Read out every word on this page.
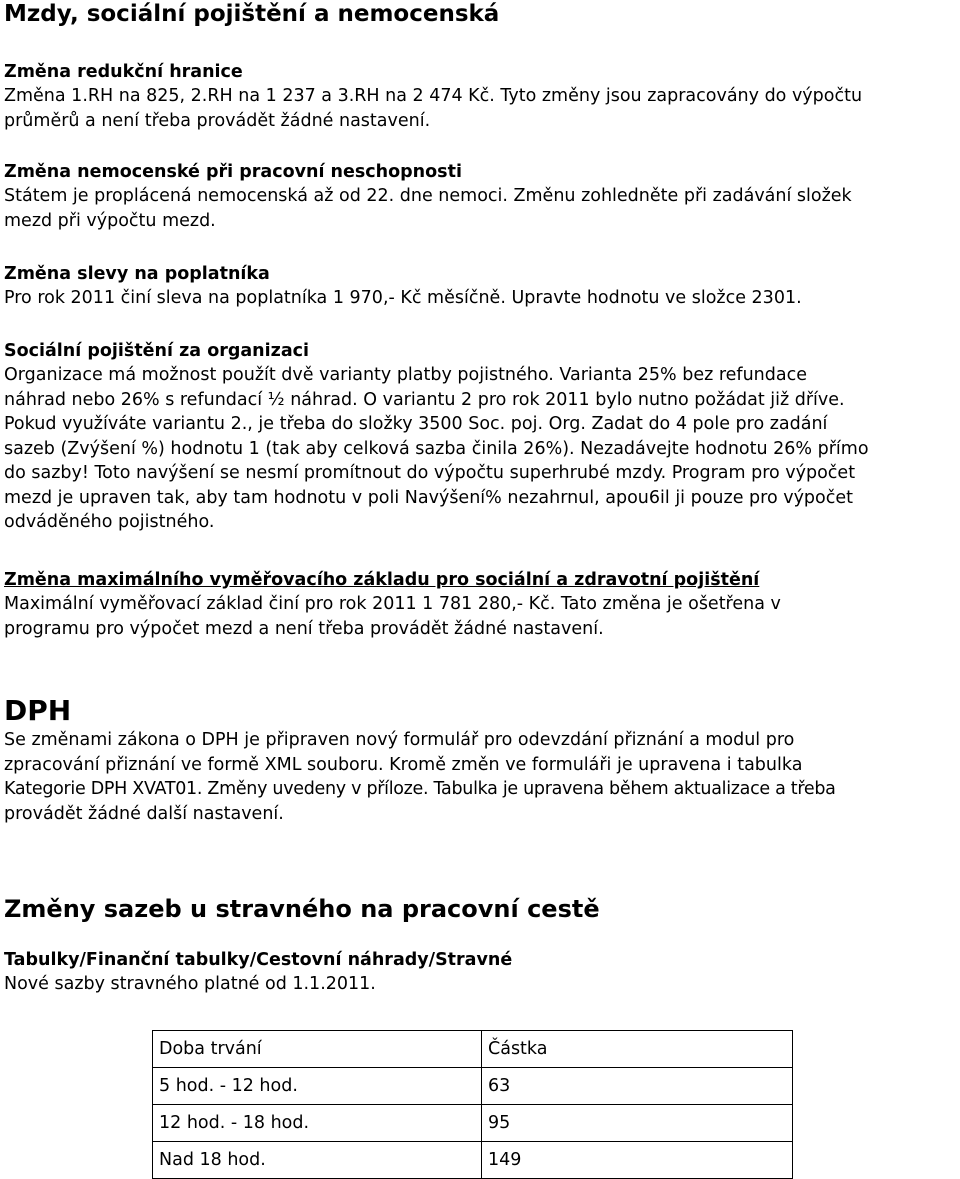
Mzdy, sociální pojištění a nemocenská
Změna redukční hranice
Změna 1.RH na 825, 2.RH na 1 237 a 3.RH na 2 474 Kč. Tyto změny jsou zapracovány do výpočtu
průměrů a není třeba provádět žádné nastavení.
Změna nemocenské při pracovní neschopnosti
Státem je proplácená nemocenská až od 22. dne nemoci. Změnu zohledněte při zadávání složek
mezd při výpočtu mezd.
Změna slevy na poplatníka
Pro rok 2011 činí sleva na poplatníka 1 970,- Kč měsíčně. Upravte hodnotu ve složce 2301.
Sociální pojištění za organizaci
Organizace má možnost použít dvě varianty platby pojistného. Varianta 25% bez refundace
náhrad nebo 26% s refundací ½ náhrad. O variantu 2 pro rok 2011 bylo nutno požádat již dříve.
Pokud využíváte variantu 2., je třeba do složky 3500 Soc. poj. Org. Zadat do 4 pole pro zadání
sazeb (Zvýšení %) hodnotu 1 (tak aby celková sazba činila 26%). Nezadávejte hodnotu 26% přímo
do sazby! Toto navýšení se nesmí promítnout do výpočtu superhrubé mzdy. Program pro výpočet
mezd je upraven tak, aby tam hodnotu v poli Navýšení% nezahrnul, apou6il ji pouze pro výpočet
odváděného pojistného.
Změna maximálního vyměřovacího základu pro sociální a zdravotní pojištění
Maximální vyměřovací základ činí pro rok 2011 1 781 280,- Kč. Tato změna je ošetřena v
programu pro výpočet mezd a není třeba provádět žádné nastavení.
DPH
Se změnami zákona o DPH je připraven nový formulář pro odevzdání přiznání a modul pro
zpracování přiznání ve formě XML souboru. Kromě změn ve formuláři je upravena i tabulka
Kategorie DPH XVAT01. Změny uvedeny v příloze. Tabulka je upravena během aktualizace a třeba
provádět žádné další nastavení.
Změny sazeb u stravného na pracovní cestě
Tabulky/Finanční tabulky/Cestovní náhrady/Stravné
Nové sazby stravného platné od 1.1.2011.
Doba trvání	Částka
5 hod. - 12 hod.	63
12 hod. - 18 hod.	95
Nad 18 hod.	149
